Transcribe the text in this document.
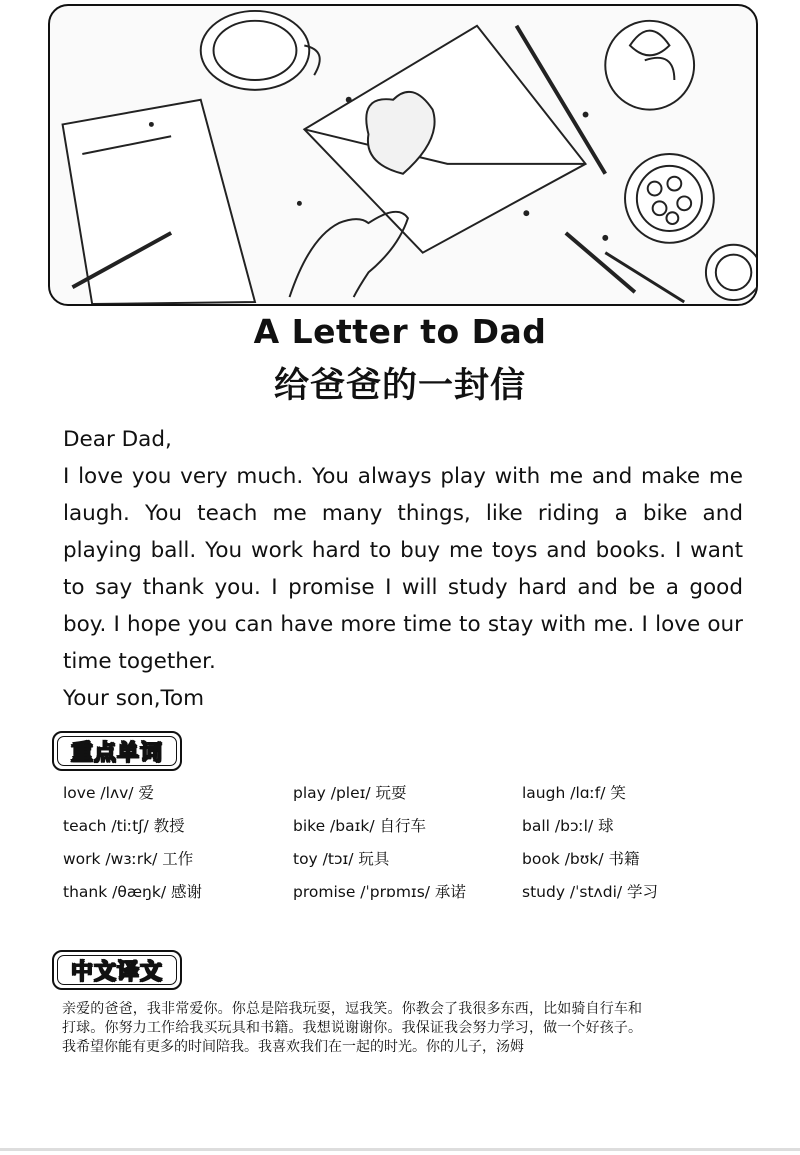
A Letter to Dad
给爸爸的一封信

Dear Dad,

I love you very much. You always play with me and make me laugh. You teach me many things, like riding a bike and playing ball. You work hard to buy me toys and books. I want to say thank you. I promise I will study hard and be a good boy. I hope you can have more time to stay with me. I love our time together.

Your son,Tom

重点单词
love /lʌv/ 爱	play /pleɪ/ 玩耍	laugh /lɑːf/ 笑
teach /tiːtʃ/ 教授	bike /baɪk/ 自行车	ball /bɔːl/ 球
work /wɜːrk/ 工作	toy /tɔɪ/ 玩具	book /bʊk/ 书籍
thank /θæŋk/ 感谢	promise /ˈprɒmɪs/ 承诺	study /ˈstʌdi/ 学习
中文译文
亲爱的爸爸，我非常爱你。你总是陪我玩耍，逗我笑。你教会了我很多东西，比如骑自行车和打球。你努力工作给我买玩具和书籍。我想说谢谢你。我保证我会努力学习，做一个好孩子。我希望你能有更多的时间陪我。我喜欢我们在一起的时光。你的儿子，汤姆
